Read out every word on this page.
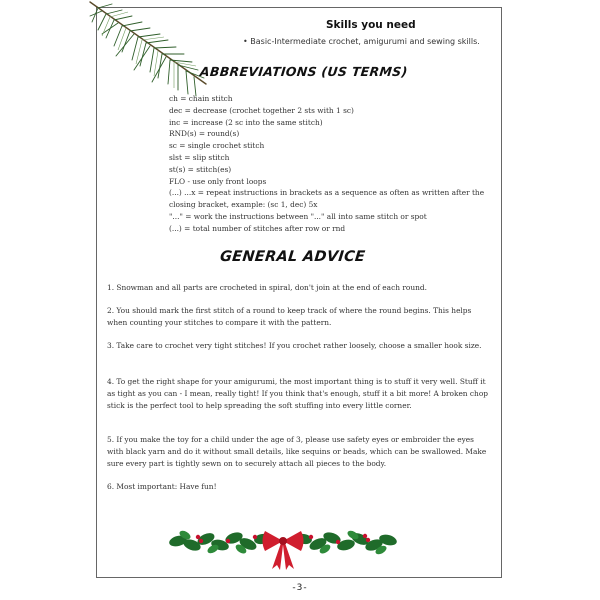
Skills you need
• Basic-Intermediate crochet, amigurumi and sewing skills.
ABBREVIATIONS (US TERMS)
ch = chain stitch
dec = decrease (crochet together 2 sts with 1 sc)
inc = increase (2 sc into the same stitch)
RND(s) = round(s)
sc = single crochet stitch
slst = slip stitch
st(s) = stitch(es)
FLO - use only front loops
(...) ...x = repeat instructions in brackets as a sequence as often as written after the closing bracket, example: (sc 1, dec) 5x
"..." = work the instructions between "..." all into same stitch or spot
(...) = total number of stitches after row or rnd
GENERAL ADVICE

1. Snowman and all parts are crocheted in spiral, don't join at the end of each round.

2. You should mark the first stitch of a round to keep track of where the round begins. This helps when counting your stitches to compare it with the pattern.

3. Take care to crochet very tight stitches! If you crochet rather loosely, choose a smaller hook size.

4. To get the right shape for your amigurumi, the most important thing is to stuff it very well. Stuff it as tight as you can - I mean, really tight! If you think that's enough, stuff it a bit more! A broken chop stick is the perfect tool to help spreading the soft stuffing into every little corner.

5. If you make the toy for a child under the age of 3, please use safety eyes or embroider the eyes with black yarn and do it without small details, like sequins or beads, which can be swallowed. Make sure every part is tightly sewn on to securely attach all pieces to the body.

6. Most important: Have fun!

-3-
